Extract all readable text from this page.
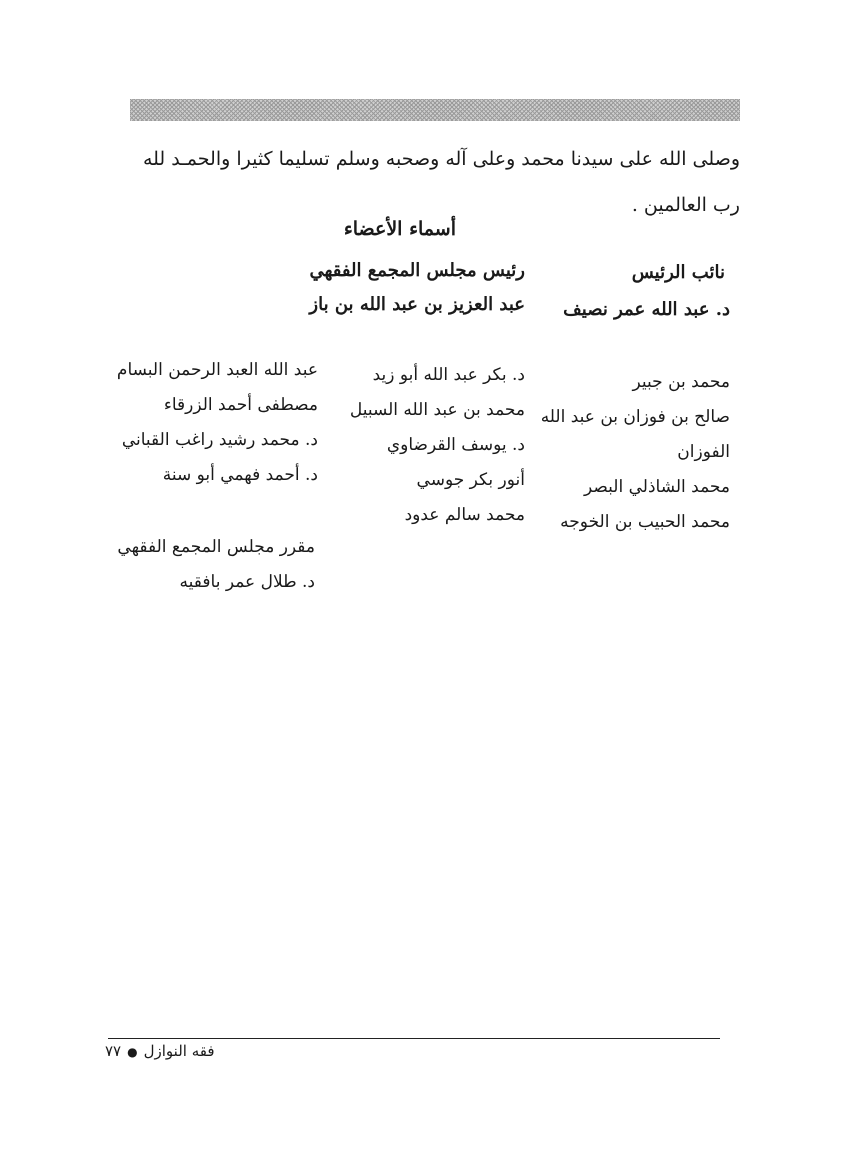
وصلى الله على سيدنا محمد وعلى آله وصحبه وسلم تسليما كثيرا والحمـد لله رب العالمين .
أسماء الأعضاء
نائب الرئيس
د. عبد الله عمر نصيف
رئيس مجلس المجمع الفقهي
عبد العزيز بن عبد الله بن باز
محمد بن جبير
صالح بن فوزان بن عبد الله
الفوزان
محمد الشاذلي البصر
محمد الحبيب بن الخوجه
د. بكر عبد الله أبو زيد
محمد بن عبد الله السبيل
د. يوسف القرضاوي
أنور بكر جوسي
محمد سالم عدود
عبد الله العبد الرحمن البسام
مصطفى أحمد الزرقاء
د. محمد رشيد راغب القباني
د. أحمد فهمي أبو سنة
مقرر مجلس المجمع الفقهي
د. طلال عمر بافقيه
فقه النوازل●٧٧
